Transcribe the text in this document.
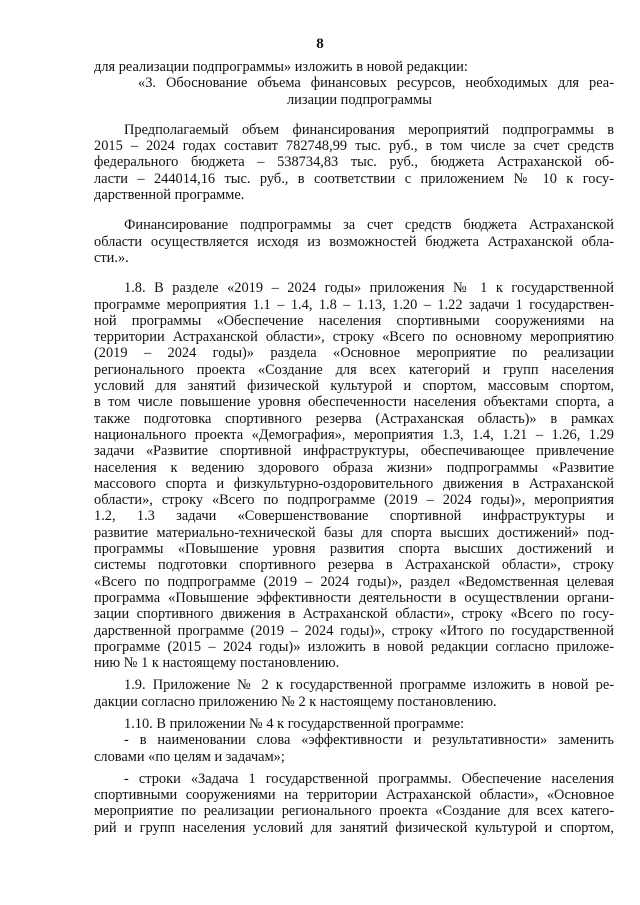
8
для реализации подпрограммы» изложить в новой редакции:
«3. Обоснование объема финансовых ресурсов, необходимых для реа-
лизации подпрограммы
Предполагаемый объем финансирования мероприятий подпрограммы в
2015 – 2024 годах составит 782748,99 тыс. руб., в том числе за счет средств
федерального бюджета – 538734,83 тыс. руб., бюджета Астраханской об-
ласти – 244014,16 тыс. руб., в соответствии с приложением № 10 к госу-
дарственной программе.
Финансирование подпрограммы за счет средств бюджета Астраханской
области осуществляется исходя из возможностей бюджета Астраханской обла-
сти.».
1.8. В разделе «2019 – 2024 годы» приложения № 1 к государственной
программе мероприятия 1.1 – 1.4, 1.8 – 1.13, 1.20 – 1.22 задачи 1 государствен-
ной программы «Обеспечение населения спортивными сооружениями на
территории Астраханской области», строку «Всего по основному мероприятию
(2019 – 2024 годы)» раздела «Основное мероприятие по реализации
регионального проекта «Создание для всех категорий и групп населения
условий для занятий физической культурой и спортом, массовым спортом,
в том числе повышение уровня обеспеченности населения объектами спорта, а
также подготовка спортивного резерва (Астраханская область)» в рамках
национального проекта «Демография», мероприятия 1.3, 1.4, 1.21 – 1.26, 1.29
задачи «Развитие спортивной инфраструктуры, обеспечивающее привлечение
населения к ведению здорового образа жизни» подпрограммы «Развитие
массового спорта и физкультурно-оздоровительного движения в Астраханской
области», строку «Всего по подпрограмме (2019 – 2024 годы)», мероприятия
1.2, 1.3 задачи «Совершенствование спортивной инфраструктуры и
развитие материально-технической базы для спорта высших достижений» под-
программы «Повышение уровня развития спорта высших достижений и
системы подготовки спортивного резерва в Астраханской области», строку
«Всего по подпрограмме (2019 – 2024 годы)», раздел «Ведомственная целевая
программа «Повышение эффективности деятельности в осуществлении органи-
зации спортивного движения в Астраханской области», строку «Всего по госу-
дарственной программе (2019 – 2024 годы)», строку «Итого по государственной
программе (2015 – 2024 годы)» изложить в новой редакции согласно приложе-
нию № 1 к настоящему постановлению.
1.9. Приложение № 2 к государственной программе изложить в новой ре-
дакции согласно приложению № 2 к настоящему постановлению.
1.10. В приложении № 4 к государственной программе:
- в наименовании слова «эффективности и результативности» заменить
словами «по целям и задачам»;
- строки «Задача 1 государственной программы. Обеспечение населения
спортивными сооружениями на территории Астраханской области», «Основное
мероприятие по реализации регионального проекта «Создание для всех катего-
рий и групп населения условий для занятий физической культурой и спортом,
